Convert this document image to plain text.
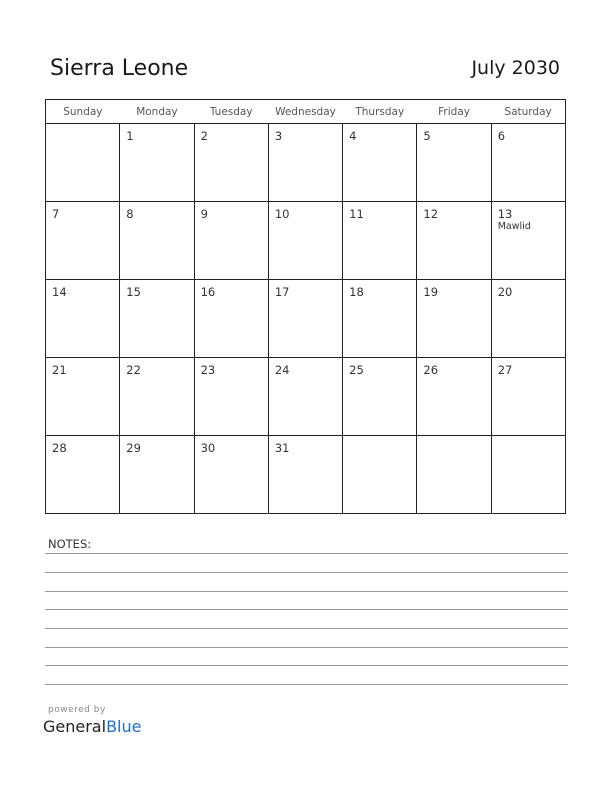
Sierra Leone	July 2030
Sunday	Monday	Tuesday	Wednesday	Thursday	Friday	Saturday

	1	2	3	4	5	6

7	8	9	10	11	12	13
Mawlid

14	15	16	17	18	19	20

21	22	23	24	25	26	27

28	29	30	31			

NOTES:
powered by
GeneralBlue
